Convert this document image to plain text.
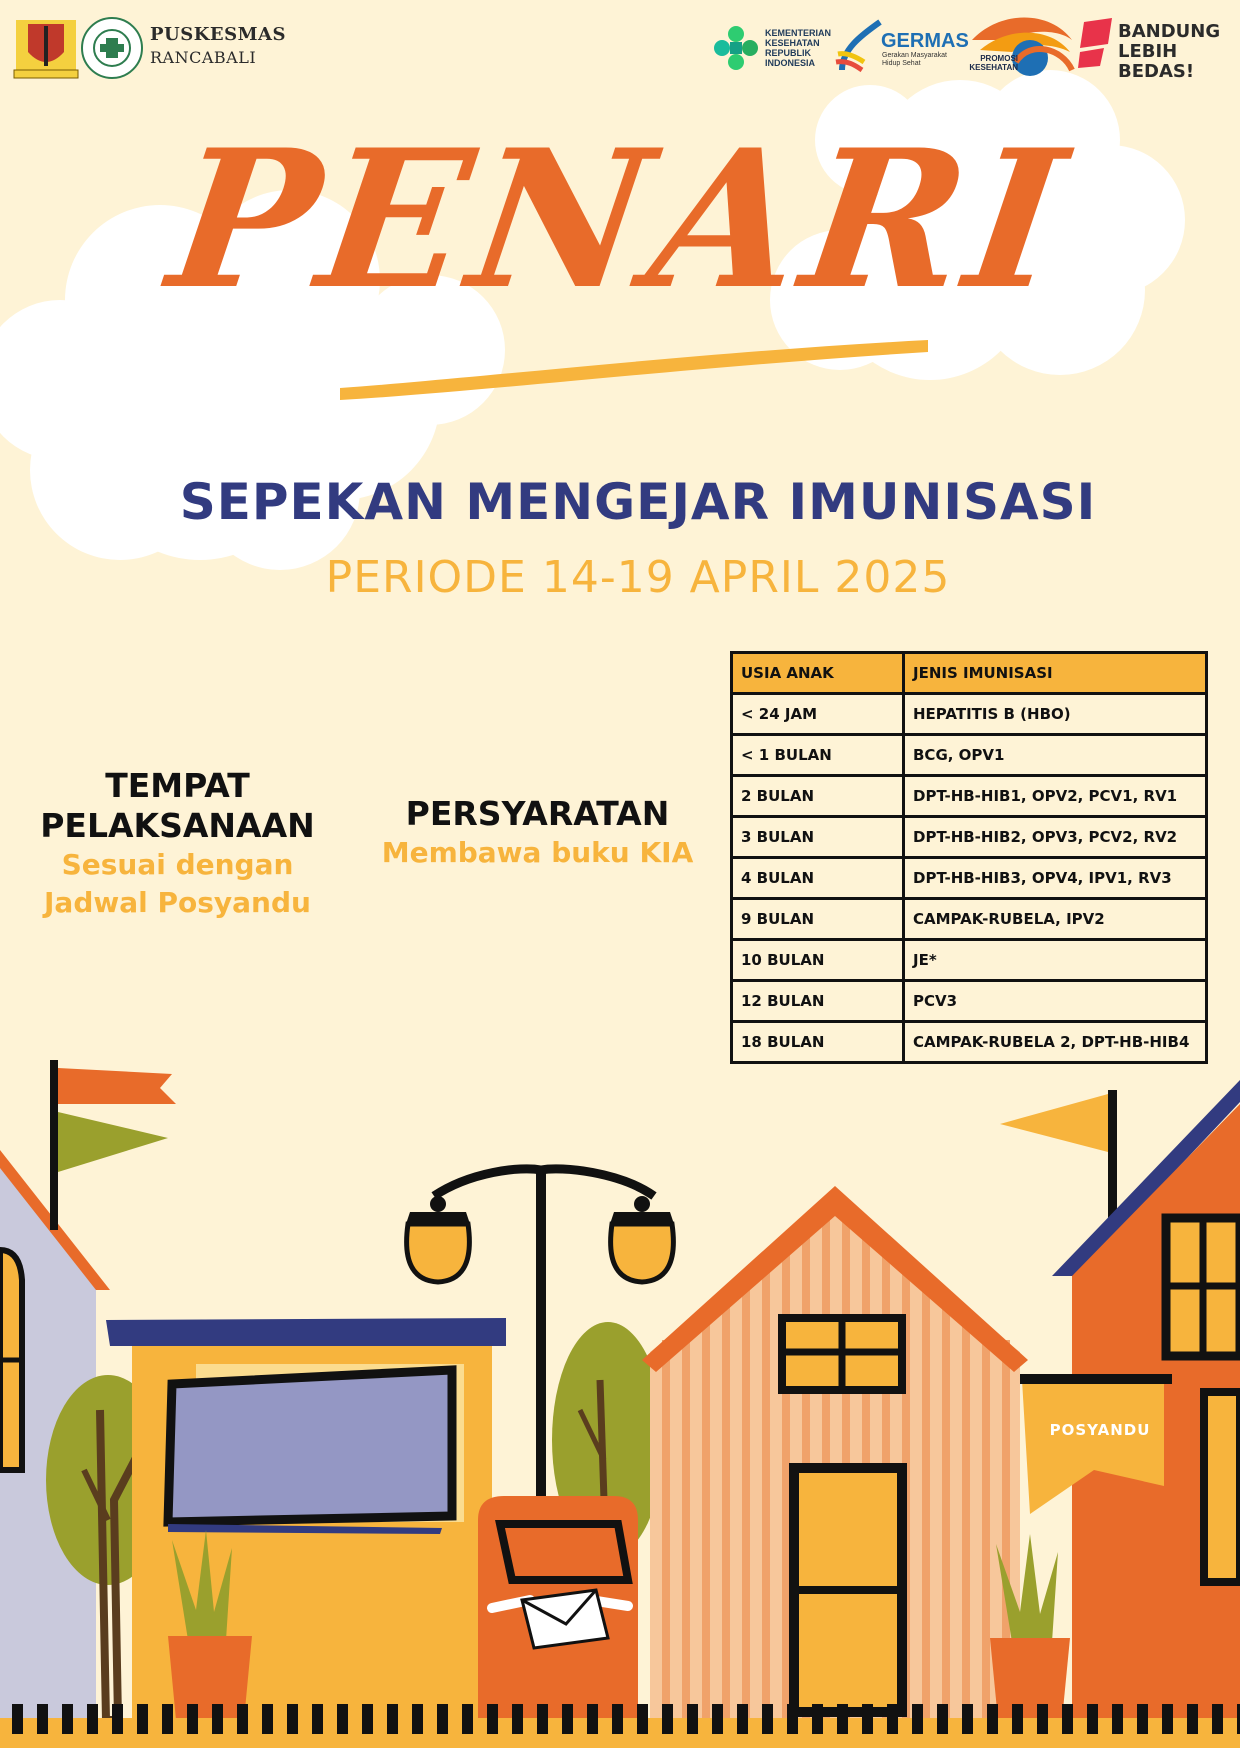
PUSKESMAS
RANCABALI
KEMENTERIAN KESEHATAN REPUBLIK INDONESIA
GERMAS
Gerakan Masyarakat Hidup Sehat
PROMOSI KESEHATAN
BANDUNG LEBIH BEDAS!
PENARI
SEPEKAN MENGEJAR IMUNISASI
PERIODE 14-19 APRIL 2025
TEMPAT PELAKSANAAN

Sesuai dengan Jadwal Posyandu

PERSYARATAN

Membawa buku KIA

USIA ANAK	JENIS IMUNISASI
< 24 JAM	HEPATITIS B (HBO)
< 1 BULAN	BCG, OPV1
2 BULAN	DPT-HB-HIB1, OPV2, PCV1, RV1
3 BULAN	DPT-HB-HIB2, OPV3, PCV2, RV2
4 BULAN	DPT-HB-HIB3, OPV4, IPV1, RV3
9 BULAN	CAMPAK-RUBELA, IPV2
10 BULAN	JE*
12 BULAN	PCV3
18 BULAN	CAMPAK-RUBELA 2, DPT-HB-HIB4
POSYANDU
